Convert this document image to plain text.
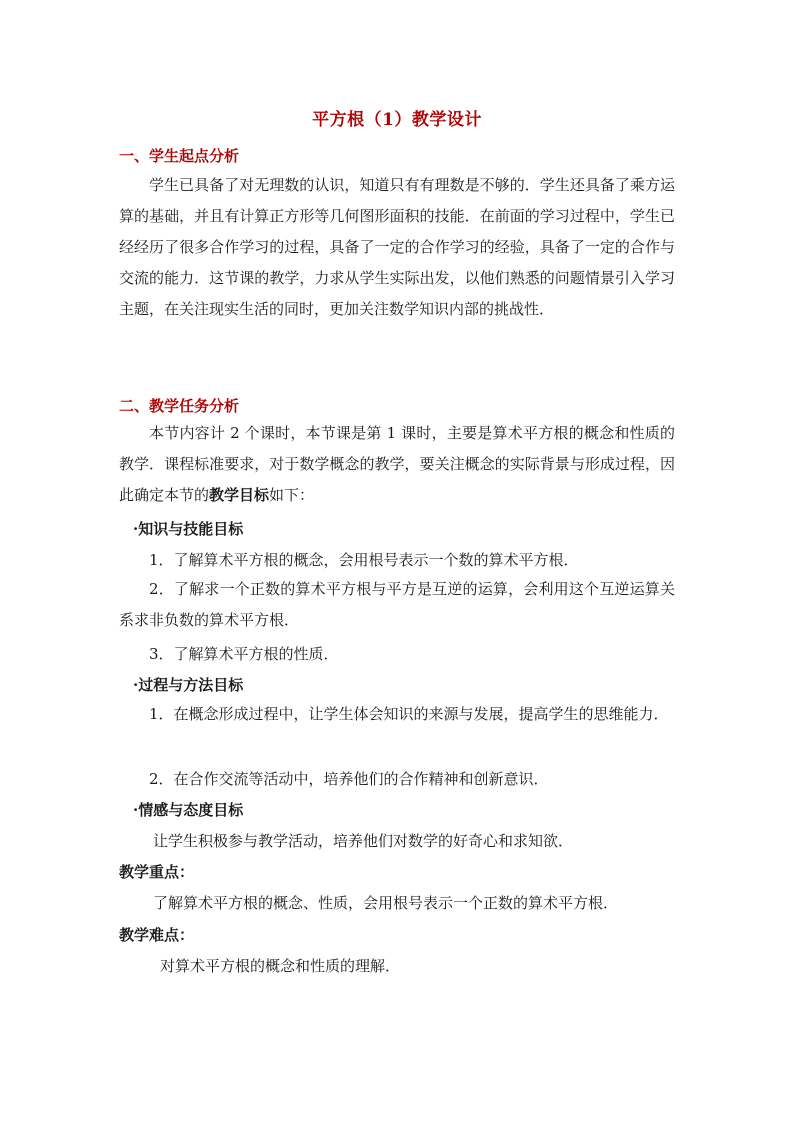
平方根（1）教学设计
一、学生起点分析

学生已具备了对无理数的认识，知道只有有理数是不够的．学生还具备了乘方运算的基础，并且有计算正方形等几何图形面积的技能．在前面的学习过程中，学生已经经历了很多合作学习的过程，具备了一定的合作学习的经验，具备了一定的合作与交流的能力．这节课的教学，力求从学生实际出发，以他们熟悉的问题情景引入学习主题，在关注现实生活的同时，更加关注数学知识内部的挑战性．

二、教学任务分析

本节内容计 2 个课时，本节课是第 1 课时，主要是算术平方根的概念和性质的教学．课程标准要求，对于数学概念的教学，要关注概念的实际背景与形成过程，因此确定本节的教学目标如下：

·知识与技能目标
1．了解算术平方根的概念，会用根号表示一个数的算术平方根．

2．了解求一个正数的算术平方根与平方是互逆的运算，会利用这个互逆运算关系求非负数的算术平方根．

3．了解算术平方根的性质．
·过程与方法目标

1．在概念形成过程中，让学生体会知识的来源与发展，提高学生的思维能力．

2．在合作交流等活动中，培养他们的合作精神和创新意识．
·情感与态度目标
让学生积极参与教学活动，培养他们对数学的好奇心和求知欲．
教学重点：
了解算术平方根的概念、性质，会用根号表示一个正数的算术平方根．
教学难点：
对算术平方根的概念和性质的理解．
